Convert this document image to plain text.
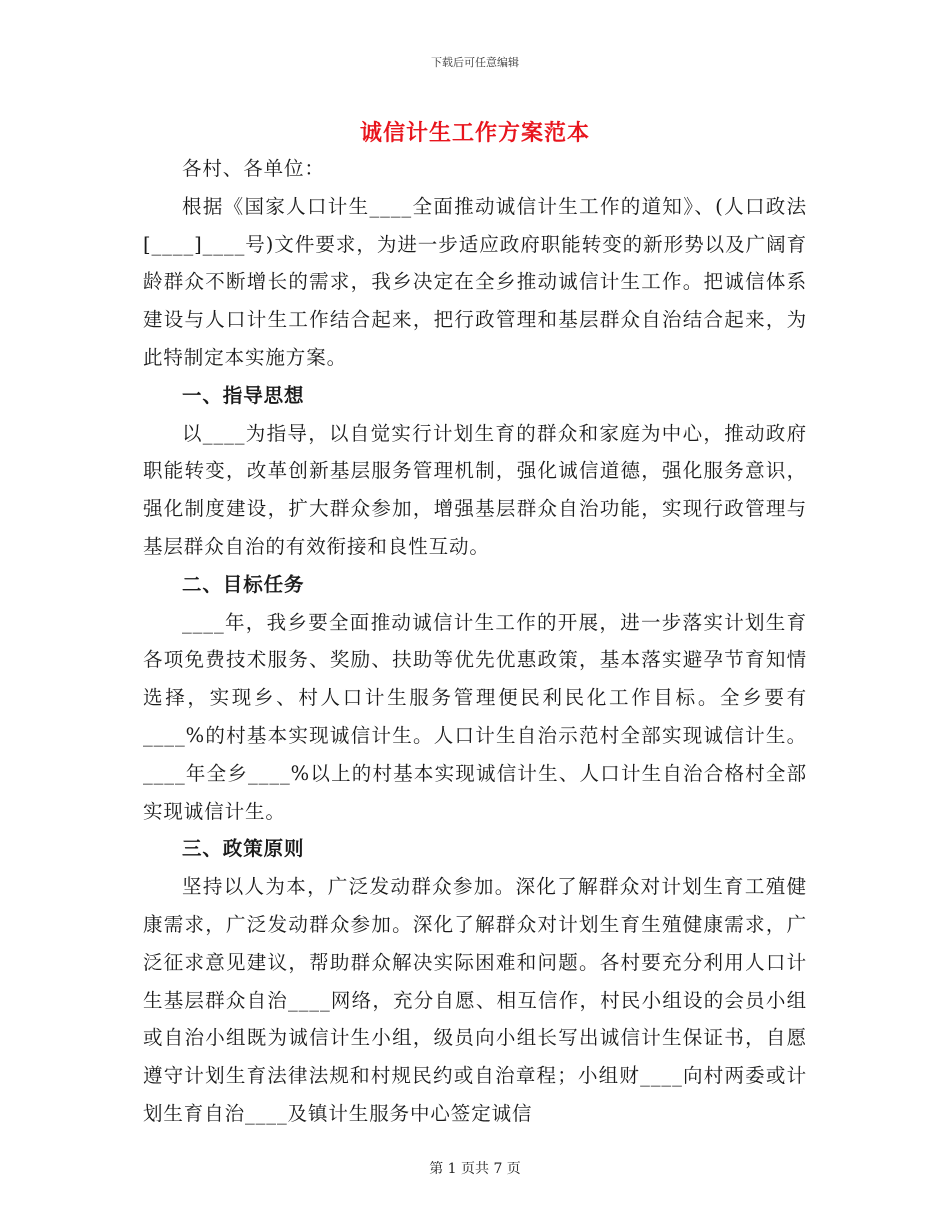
下载后可任意编辑
诚信计生工作方案范本

各村、各单位：

根据《国家人口计生____全面推动诚信计生工作的道知》、(人口政法[____]____号)文件要求，为进一步适应政府职能转变的新形势以及广阔育龄群众不断增长的需求，我乡决定在全乡推动诚信计生工作。把诚信体系建设与人口计生工作结合起来，把行政管理和基层群众自治结合起来，为此特制定本实施方案。

一、指导思想

以____为指导，以自觉实行计划生育的群众和家庭为中心，推动政府职能转变，改革创新基层服务管理机制，强化诚信道德，强化服务意识，强化制度建设，扩大群众参加，增强基层群众自治功能，实现行政管理与基层群众自治的有效衔接和良性互动。

二、目标任务

____年，我乡要全面推动诚信计生工作的开展，进一步落实计划生育各项免费技术服务、奖励、扶助等优先优惠政策，基本落实避孕节育知情选择，实现乡、村人口计生服务管理便民利民化工作目标。全乡要有____%的村基本实现诚信计生。人口计生自治示范村全部实现诚信计生。____年全乡____%以上的村基本实现诚信计生、人口计生自治合格村全部实现诚信计生。

三、政策原则

坚持以人为本，广泛发动群众参加。深化了解群众对计划生育工殖健康需求，广泛发动群众参加。深化了解群众对计划生育生殖健康需求，广泛征求意见建议，帮助群众解决实际困难和问题。各村要充分利用人口计生基层群众自治____网络，充分自愿、相互信作，村民小组设的会员小组或自治小组既为诚信计生小组，级员向小组长写出诚信计生保证书，自愿遵守计划生育法律法规和村规民约或自治章程；小组财____向村两委或计划生育自治____及镇计生服务中心签定诚信

第 1 页共 7 页
